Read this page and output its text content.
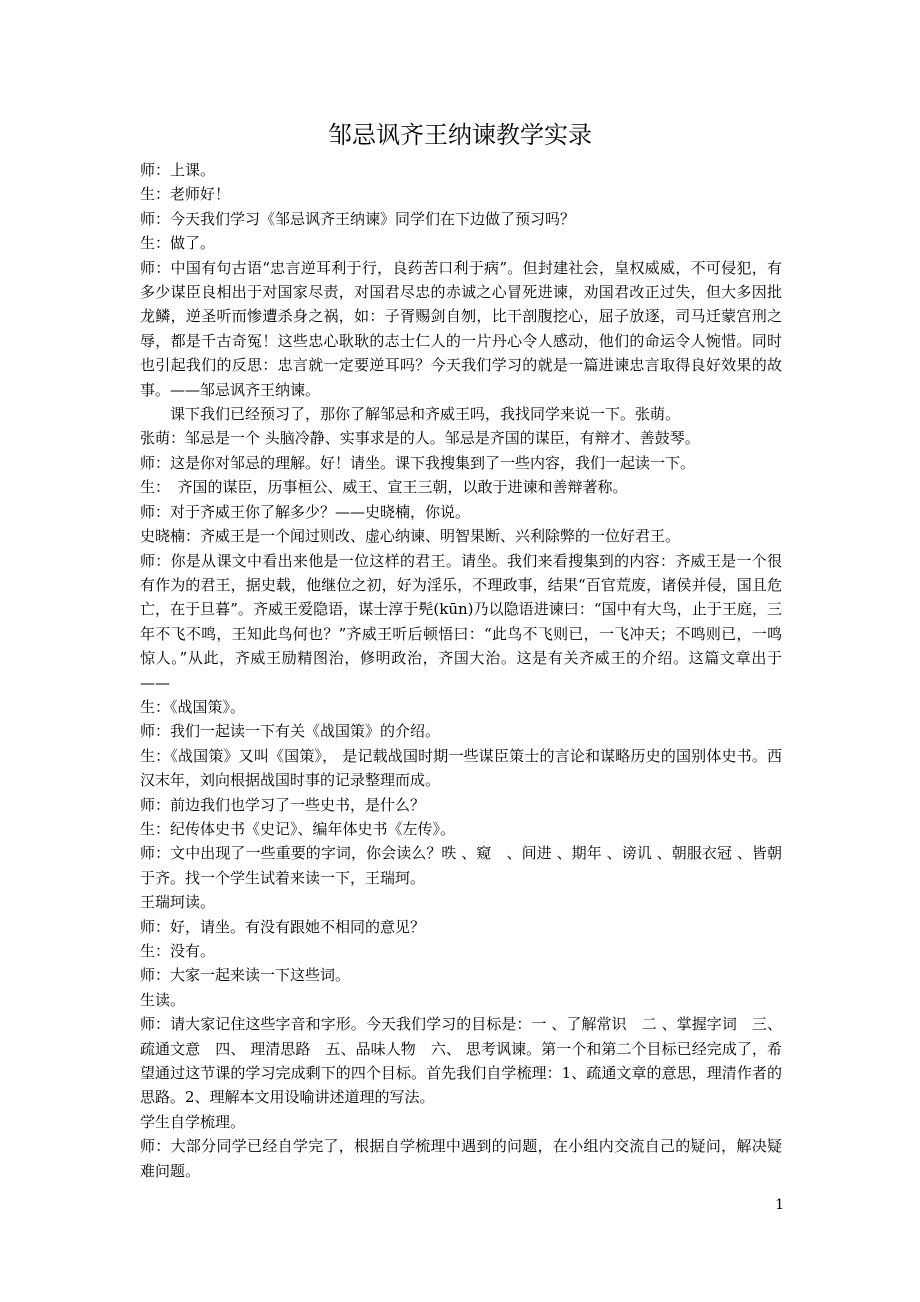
邹忌讽齐王纳谏教学实录

师：上课。

生：老师好！

师：今天我们学习《邹忌讽齐王纳谏》同学们在下边做了预习吗？

生：做了。

师：中国有句古语“忠言逆耳利于行，良药苦口利于病”。但封建社会，皇权威威，不可侵犯，有多少谋臣良相出于对国家尽责，对国君尽忠的赤诚之心冒死进谏，劝国君改正过失，但大多因批龙鳞，逆圣听而惨遭杀身之祸，如：子胥赐剑自刎，比干剖腹挖心，屈子放逐，司马迁蒙宫刑之辱，都是千古奇冤！这些忠心耿耿的志士仁人的一片丹心令人感动，他们的命运令人惋惜。同时也引起我们的反思：忠言就一定要逆耳吗？今天我们学习的就是一篇进谏忠言取得良好效果的故事。——邹忌讽齐王纳谏。

课下我们已经预习了，那你了解邹忌和齐威王吗，我找同学来说一下。张萌。

张萌：邹忌是一个 头脑冷静、实事求是的人。邹忌是齐国的谋臣，有辩才、善鼓琴。

师：这是你对邹忌的理解。好！请坐。课下我搜集到了一些内容，我们一起读一下。

生：　齐国的谋臣，历事桓公、威王、宣王三朝，以敢于进谏和善辩著称。

师：对于齐威王你了解多少？——史晓楠，你说。

史晓楠：齐威王是一个闻过则改、虚心纳谏、明智果断、兴利除弊的一位好君王。

师：你是从课文中看出来他是一位这样的君王。请坐。我们来看搜集到的内容：齐威王是一个很有作为的君王，据史载，他继位之初，好为淫乐，不理政事，结果“百官荒废，诸侯并侵，国且危亡，在于旦暮”。齐威王爱隐语，谋士淳于髡(kūn)乃以隐语进谏曰：“国中有大鸟，止于王庭，三年不飞不鸣，王知此鸟何也？”齐威王听后顿悟曰：“此鸟不飞则已，一飞冲天；不鸣则已，一鸣惊人。”从此，齐威王励精图治，修明政治，齐国大治。这是有关齐威王的介绍。这篇文章出于——

生：《战国策》。

师：我们一起读一下有关《战国策》的介绍。

生：《战国策》又叫《国策》， 是记载战国时期一些谋臣策士的言论和谋略历史的国别体史书。西汉末年，刘向根据战国时事的记录整理而成。

师：前边我们也学习了一些史书，是什么？

生：纪传体史书《史记》、编年体史书《左传》。

师：文中出现了一些重要的字词，你会读么？昳 、窥　、间进 、期年 、谤讥 、朝服衣冠 、皆朝于齐。找一个学生试着来读一下，王瑞珂。

王瑞珂读。

师：好，请坐。有没有跟她不相同的意见？

生：没有。

师：大家一起来读一下这些词。

生读。

师：请大家记住这些字音和字形。今天我们学习的目标是：一 、了解常识　二 、掌握字词　三、 疏通文意　四、 理清思路　五、品味人物　六、 思考讽谏。第一个和第二个目标已经完成了，希望通过这节课的学习完成剩下的四个目标。首先我们自学梳理：1、疏通文章的意思，理清作者的思路。2、理解本文用设喻讲述道理的写法。

学生自学梳理。

师：大部分同学已经自学完了，根据自学梳理中遇到的问题，在小组内交流自己的疑问，解决疑难问题。

1
